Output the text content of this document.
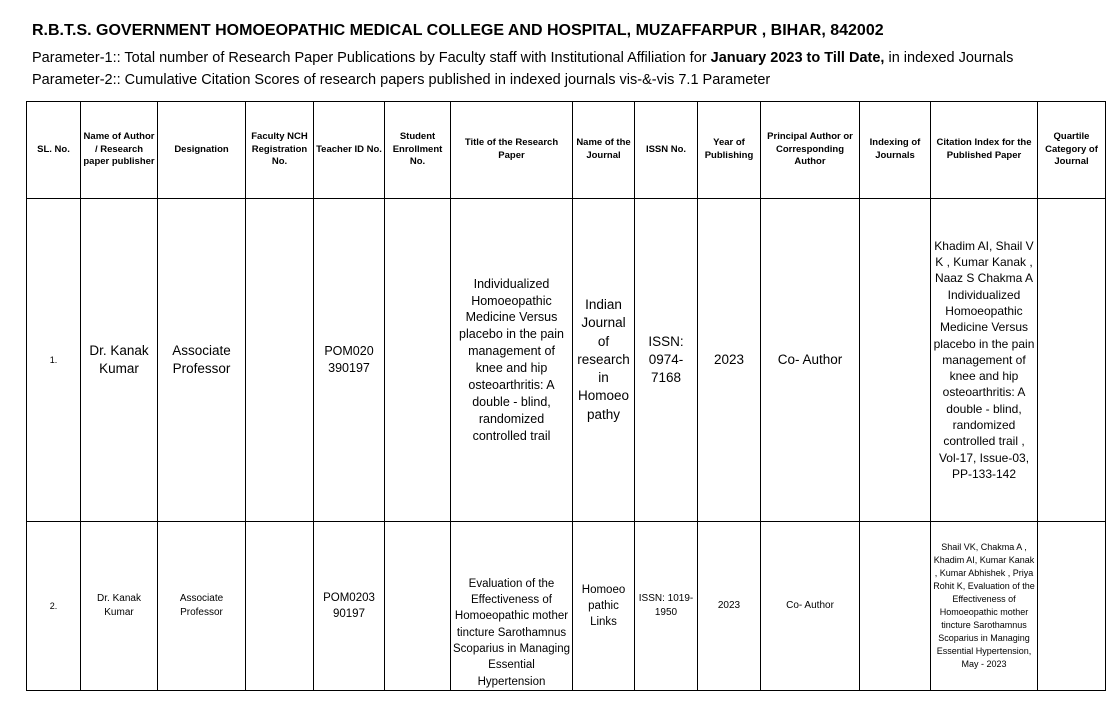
R.B.T.S. GOVERNMENT HOMOEOPATHIC MEDICAL COLLEGE AND HOSPITAL, MUZAFFARPUR , BIHAR, 842002
Parameter-1:: Total number of Research Paper Publications by Faculty staff with Institutional Affiliation for January 2023 to Till Date, in indexed Journals
Parameter-2:: Cumulative Citation Scores of research papers published in indexed journals vis-&-vis 7.1 Parameter
SL. No.	Name of Author / Research paper publisher	Designation	Faculty NCH Registration No.	Teacher ID No.	Student Enrollment No.	Title of the Research Paper	Name of the Journal	ISSN No.	Year of Publishing	Principal Author or Corresponding Author	Indexing of Journals	Citation Index for the Published Paper	Quartile Category of Journal
1.	Dr. Kanak Kumar	Associate Professor		POM020 390197		Individualized Homoeopathic Medicine Versus placebo in the pain management of knee and hip osteoarthritis: A double - blind, randomized controlled trail	Indian Journal of research in Homoeo pathy	ISSN: 0974-7168	2023	Co- Author		Khadim AI, Shail V K , Kumar Kanak , Naaz S Chakma A Individualized Homoeopathic Medicine Versus placebo in the pain management of knee and hip osteoarthritis: A double - blind, randomized controlled trail , Vol-17, Issue-03, PP-133-142	
2.	Dr. Kanak Kumar	Associate Professor		POM0203 90197		Evaluation of the Effectiveness of Homoeopathic mother tincture Sarothamnus Scoparius in Managing Essential Hypertension	Homoeo pathic Links	ISSN: 1019-1950	2023	Co- Author		Shail VK, Chakma A , Khadim AI, Kumar Kanak , Kumar Abhishek , Priya Rohit K, Evaluation of the Effectiveness of Homoeopathic mother tincture Sarothamnus Scoparius in Managing Essential Hypertension, May - 2023	
